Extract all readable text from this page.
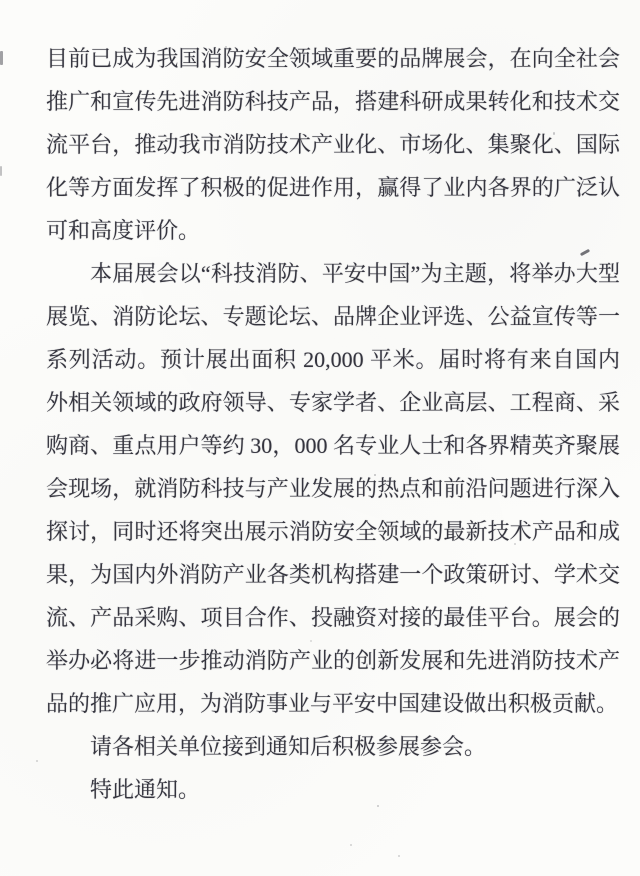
目前已成为我国消防安全领域重要的品牌展会，在向全社会推广和宣传先进消防科技产品，搭建科研成果转化和技术交流平台，推动我市消防技术产业化、市场化、集聚化、国际化等方面发挥了积极的促进作用，赢得了业内各界的广泛认可和高度评价。

本届展会以“科技消防、平安中国”为主题，将举办大型展览、消防论坛、专题论坛、品牌企业评选、公益宣传等一系列活动。预计展出面积 20,000 平米。届时将有来自国内外相关领域的政府领导、专家学者、企业高层、工程商、采购商、重点用户等约 30，000 名专业人士和各界精英齐聚展会现场，就消防科技与产业发展的热点和前沿问题进行深入探讨，同时还将突出展示消防安全领域的最新技术产品和成果，为国内外消防产业各类机构搭建一个政策研讨、学术交流、产品采购、项目合作、投融资对接的最佳平台。展会的举办必将进一步推动消防产业的创新发展和先进消防技术产品的推广应用，为消防事业与平安中国建设做出积极贡献。

请各相关单位接到通知后积极参展参会。

特此通知。
